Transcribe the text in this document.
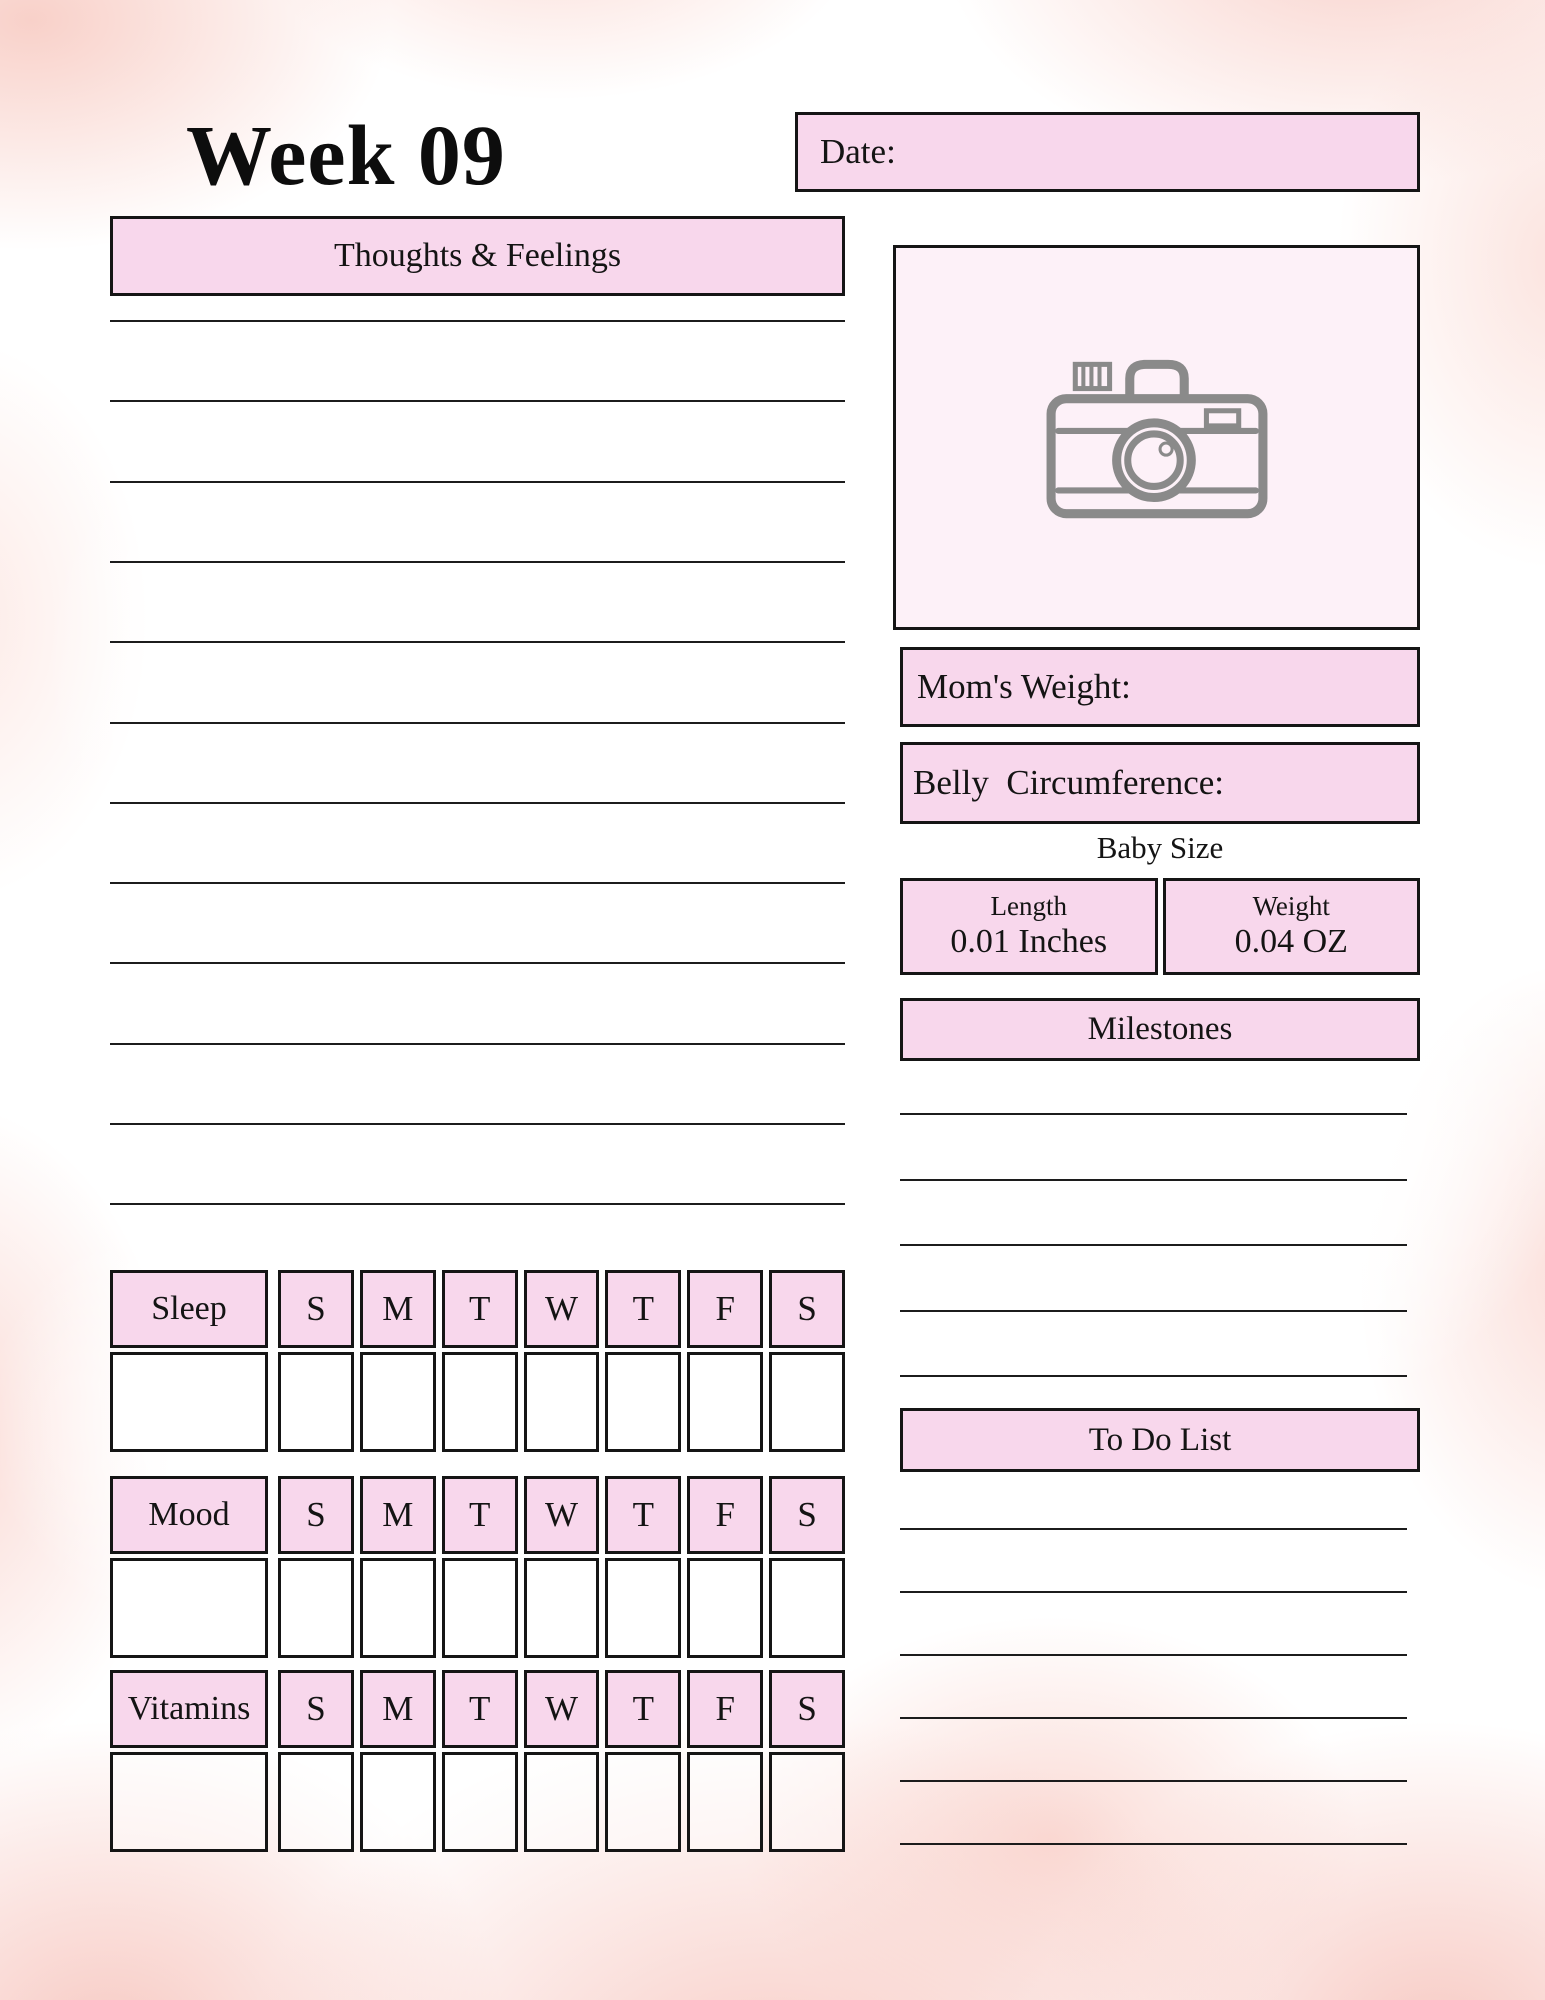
Week 09	Date:
Thoughts & Feelings
Mom's Weight:
Belly  Circumference:
Baby Size
Length
0.01 Inches
Weight
0.04 OZ
Milestones
To Do List
Sleep	S	M	T	W	T	F	S
Mood	S	M	T	W	T	F	S
Vitamins	S	M	T	W	T	F	S
